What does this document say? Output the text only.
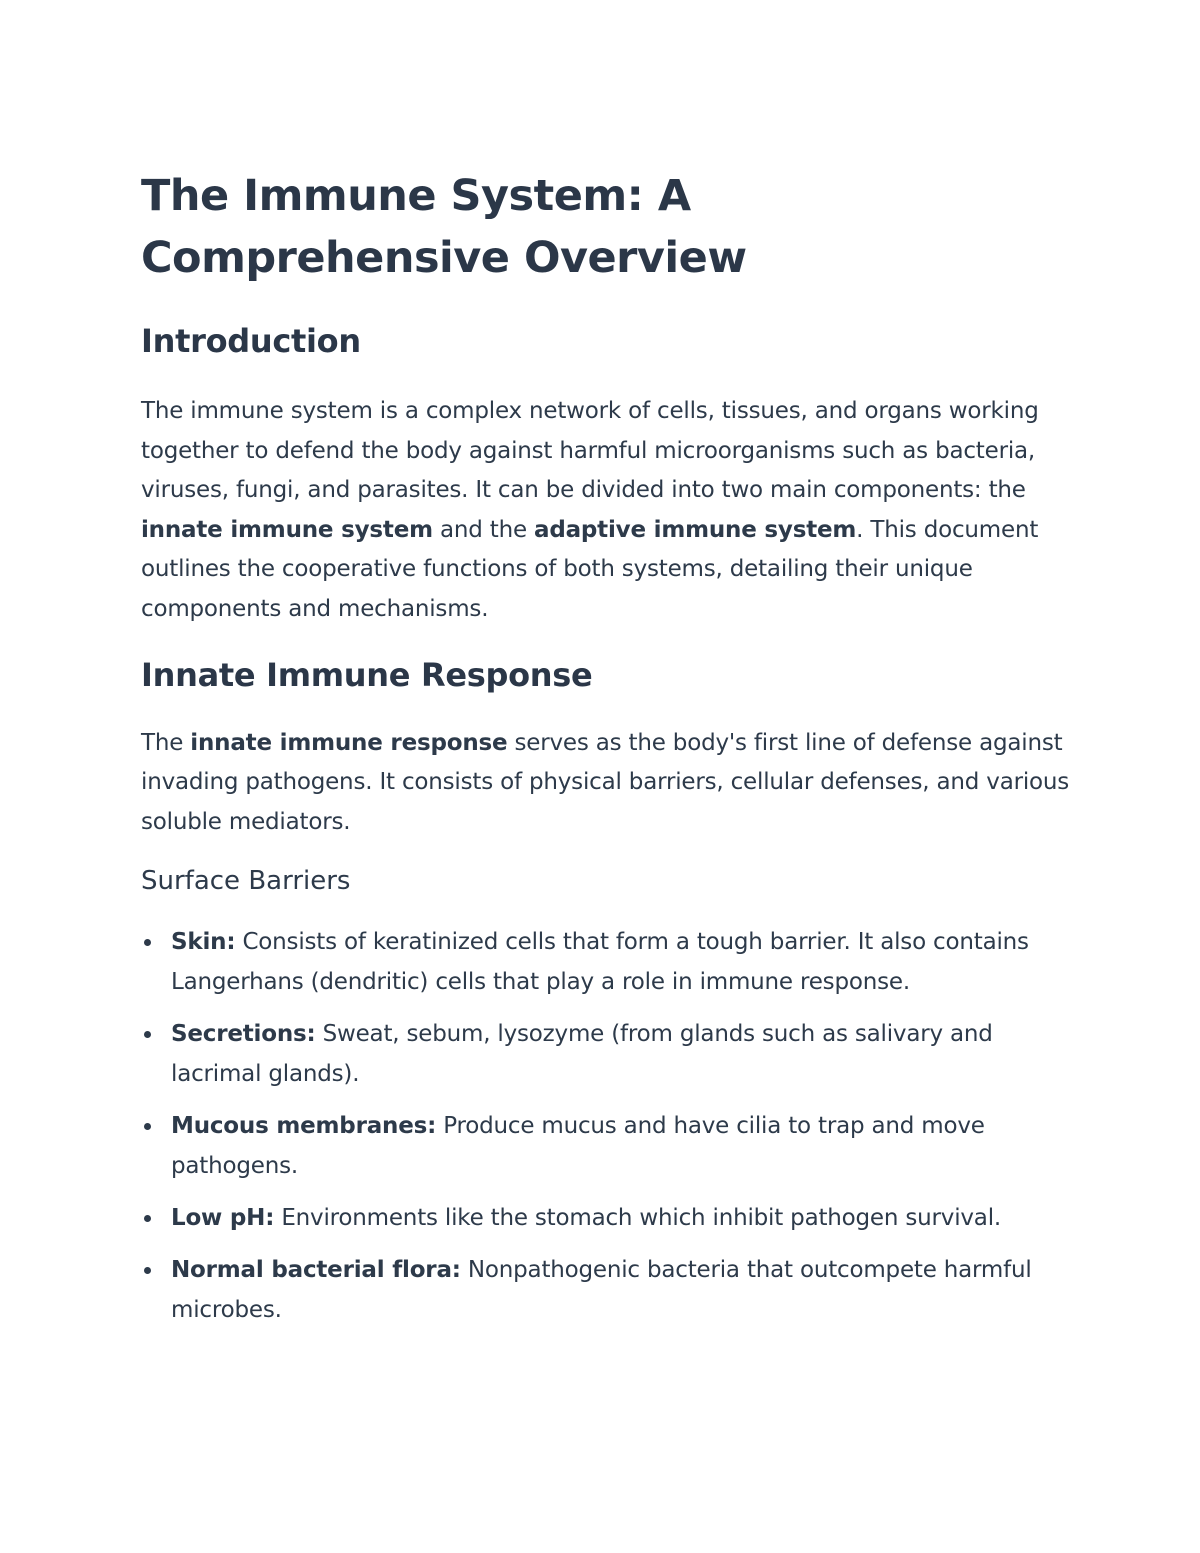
The Immune System: A Comprehensive Overview
Introduction

The immune system is a complex network of cells, tissues, and organs working together to defend the body against harmful microorganisms such as bacteria, viruses, fungi, and parasites. It can be divided into two main components: the innate immune system and the adaptive immune system. This document outlines the cooperative functions of both systems, detailing their unique components and mechanisms.

Innate Immune Response

The innate immune response serves as the body's first line of defense against invading pathogens. It consists of physical barriers, cellular defenses, and various soluble mediators.

Surface Barriers
Skin: Consists of keratinized cells that form a tough barrier. It also contains Langerhans (dendritic) cells that play a role in immune response.
Secretions: Sweat, sebum, lysozyme (from glands such as salivary and lacrimal glands).
Mucous membranes: Produce mucus and have cilia to trap and move pathogens.
Low pH: Environments like the stomach which inhibit pathogen survival.
Normal bacterial flora: Nonpathogenic bacteria that outcompete harmful microbes.
